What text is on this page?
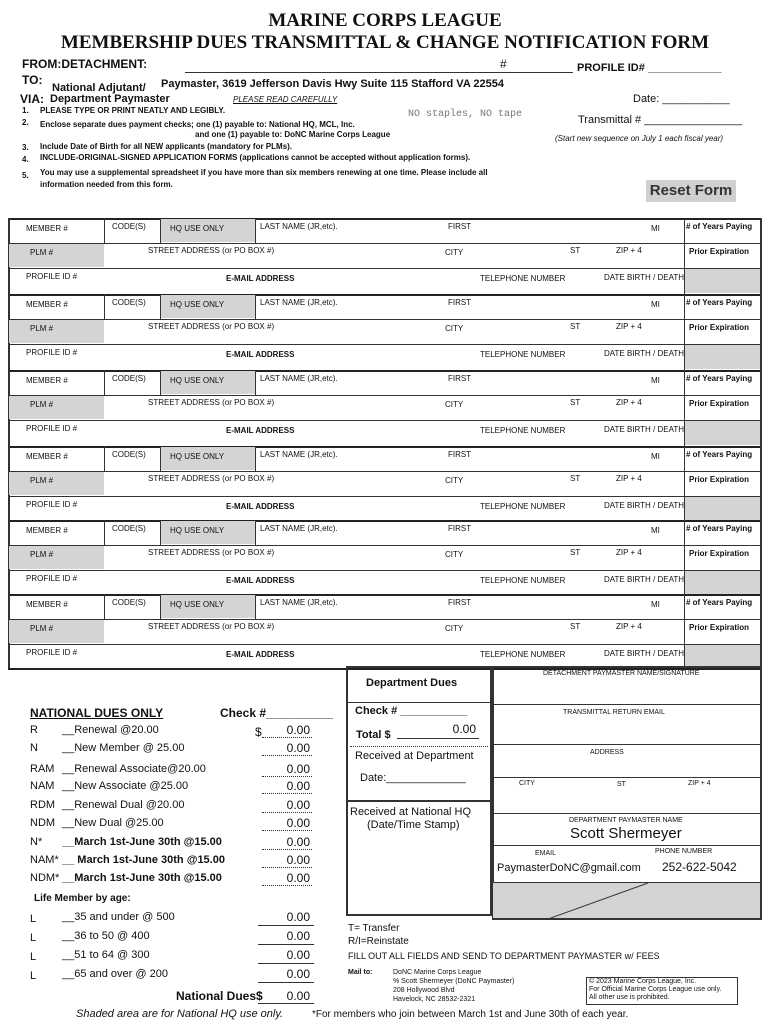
MARINE CORPS LEAGUE
MEMBERSHIP DUES TRANSMITTAL & CHANGE NOTIFICATION FORM
FROM:DETACHMENT:	#	PROFILE ID# ____________
TO:
National Adjutant/ Paymaster, 3619 Jefferson Davis Hwy Suite 115 Stafford VA 22554
VIA: Department Paymaster	PLEASE READ CAREFULLY	Date: ___________
NO staples, NO tape	Transmittal # ________________
(Start new sequence on July 1 each fiscal year)
1. PLEASE TYPE OR PRINT NEATLY AND LEGIBLY.
2. Enclose separate dues payment checks; one (1) payable to: National HQ, MCL, Inc.
and one (1) payable to: DoNC Marine Corps League
3. Include Date of Birth for all NEW applicants (mandatory for PLMs).
4. INCLUDE-ORIGINAL-SIGNED APPLICATION FORMS (applications cannot be accepted without application forms).
5. You may use a supplemental spreadsheet if you have more than six members renewing at one time. Please include all
information needed from this form.	Reset Form
MEMBER #	CODE(S)	HQ USE ONLY	LAST NAME (JR,etc).	FIRST	MI	# of Years Paying
PLM #	STREET ADDRESS (or PO BOX #)	CITY	ST	ZIP + 4	Prior Expiration
PROFILE ID #	E-MAIL ADDRESS	TELEPHONE NUMBER	DATE BIRTH / DEATH
MEMBER #	CODE(S)	HQ USE ONLY	LAST NAME (JR,etc).	FIRST	MI	# of Years Paying
PLM #	STREET ADDRESS (or PO BOX #)	CITY	ST	ZIP + 4	Prior Expiration
PROFILE ID #	E-MAIL ADDRESS	TELEPHONE NUMBER	DATE BIRTH / DEATH
MEMBER #	CODE(S)	HQ USE ONLY	LAST NAME (JR,etc).	FIRST	MI	# of Years Paying
PLM #	STREET ADDRESS (or PO BOX #)	CITY	ST	ZIP + 4	Prior Expiration
PROFILE ID #	E-MAIL ADDRESS	TELEPHONE NUMBER	DATE BIRTH / DEATH
MEMBER #	CODE(S)	HQ USE ONLY	LAST NAME (JR,etc).	FIRST	MI	# of Years Paying
PLM #	STREET ADDRESS (or PO BOX #)	CITY	ST	ZIP + 4	Prior Expiration
PROFILE ID #	E-MAIL ADDRESS	TELEPHONE NUMBER	DATE BIRTH / DEATH
MEMBER #	CODE(S)	HQ USE ONLY	LAST NAME (JR,etc).	FIRST	MI	# of Years Paying
PLM #	STREET ADDRESS (or PO BOX #)	CITY	ST	ZIP + 4	Prior Expiration
PROFILE ID #	E-MAIL ADDRESS	TELEPHONE NUMBER	DATE BIRTH / DEATH
MEMBER #	CODE(S)	HQ USE ONLY	LAST NAME (JR,etc).	FIRST	MI	# of Years Paying
PLM #	STREET ADDRESS (or PO BOX #)	CITY	ST	ZIP + 4	Prior Expiration
PROFILE ID #	E-MAIL ADDRESS	TELEPHONE NUMBER	DATE BIRTH / DEATH
NATIONAL DUES ONLY	Check #__________
$
R __Renewal @20.00	0.00
N __New Member @ 25.00	0.00
RAM __Renewal Associate@20.00	0.00
NAM __New Associate @25.00	0.00
RDM __Renewal Dual @20.00	0.00
NDM __New Dual @25.00	0.00
N* __March 1st-June 30th @15.00	0.00
NAM* __ March 1st-June 30th @15.00	0.00
NDM* __March 1st-June 30th @15.00	0.00
Life Member by age:
L __35 and under @ 500	0.00
L __36 to 50 @ 400	0.00
L __51 to 64 @ 300	0.00
L __65 and over @ 200	0.00
National Dues$	0.00
Shaded area are for National HQ use only.
Department Dues
Check # ___________
Total $	0.00
Received at Department
Date:_____________
Received at National HQ
(Date/Time Stamp)
DETACHMENT PAYMASTER NAME/SIGNATURE
TRANSMITTAL RETURN EMAIL
ADDRESS
CITY	ST	ZIP + 4
DEPARTMENT PAYMASTER NAME
Scott Shermeyer
EMAIL	PHONE NUMBER
PaymasterDoNC@gmail.com 252-622-5042
T= Transfer
R/I=Reinstate
FILL OUT ALL FIELDS AND SEND TO DEPARTMENT PAYMASTER w/ FEES
Mail to:	DoNC Marine Corps League
% Scott Shermeyer (DoNC Paymaster)
208 Hollywood Blvd
Havelock, NC 28532-2321
© 2023 Marine Corps League, Inc.
For Official Marine Corps League use only.
All other use is prohibited.
*For members who join between March 1st and June 30th of each year.
